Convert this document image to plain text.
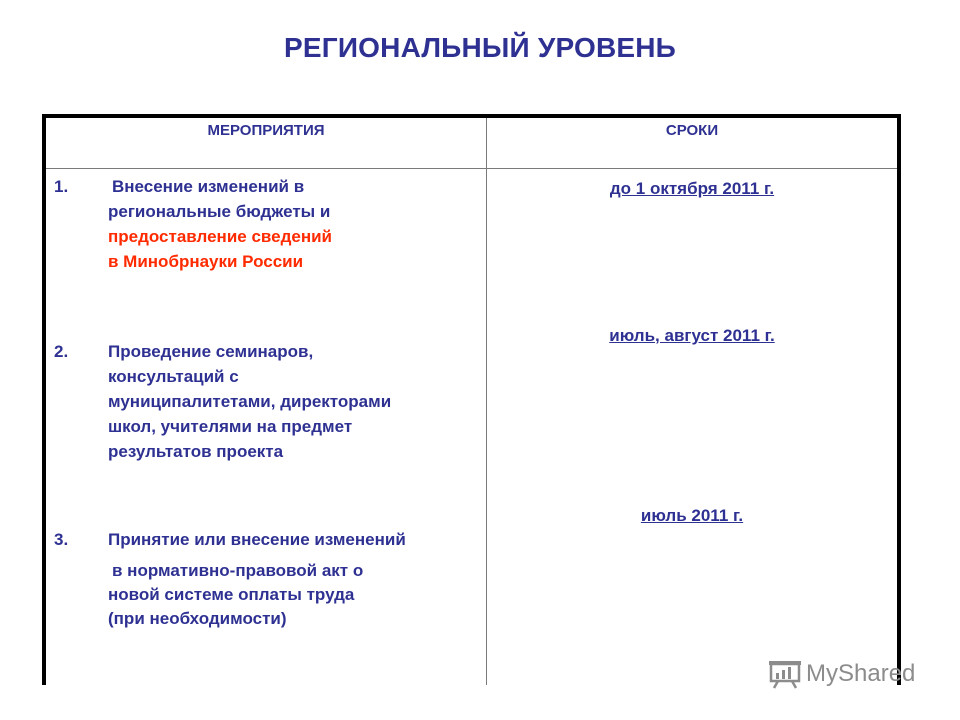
РЕГИОНАЛЬНЫЙ УРОВЕНЬ
МЕРОПРИЯТИЯ	СРОКИ
1.	Внесение изменений в
региональные бюджеты и
предоставление сведений
в Минобрнауки России
до 1 октября 2011 г.
2. Проведение семинаров,
консультаций с
муниципалитетами, директорами
школ, учителями на предмет
результатов проекта
июль, август 2011 г.
3. Принятие или внесение изменений
в нормативно-правовой акт о
новой системе оплаты труда
(при необходимости)
июль 2011 г.
MyShared
